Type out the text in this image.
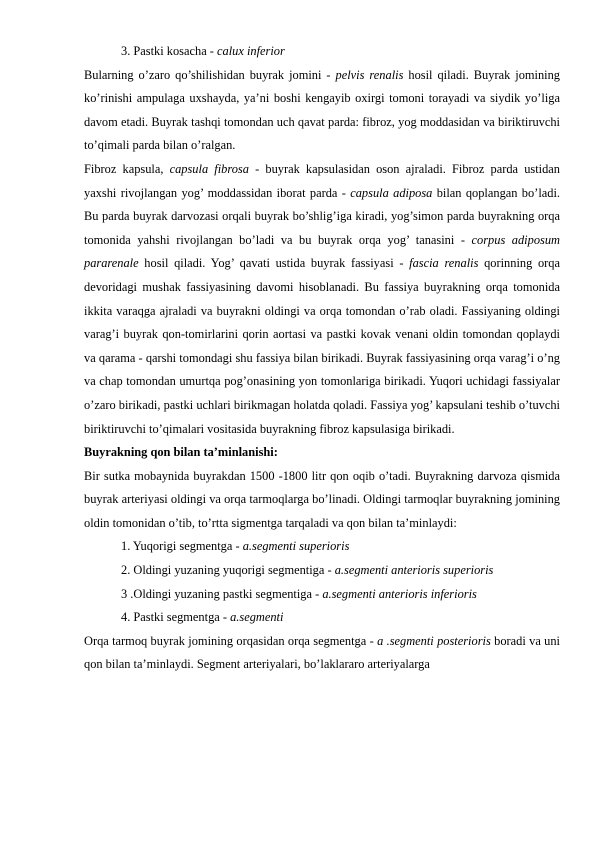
3. Pastki kosacha - calux inferior

Bularning o’zaro qo’shilishidan buyrak jomini - pelvis renalis hosil qiladi. Buyrak jomining ko’rinishi ampulaga uxshayda, ya’ni boshi kengayib oxirgi tomoni torayadi va siydik yo’liga davom etadi. Buyrak tashqi tomondan uch qavat parda: fibroz, yog moddasidan va biriktiruvchi to’qimali parda bilan o’ralgan.

Fibroz kapsula, capsula fibrosa - buyrak kapsulasidan oson ajraladi. Fibroz parda ustidan yaxshi rivojlangan yog’ moddassidan iborat parda - capsula adiposa bilan qoplangan bo’ladi. Bu parda buyrak darvozasi orqali buyrak bo’shlig’iga kiradi, yog’simon parda buyrakning orqa tomonida yahshi rivojlangan bo’ladi va bu buyrak orqa yog’ tanasini - corpus adiposum pararenale hosil qiladi. Yog’ qavati ustida buyrak fassiyasi - fascia renalis qorinning orqa devoridagi mushak fassiyasining davomi hisoblanadi. Bu fassiya buyrakning orqa tomonida ikkita varaqga ajraladi va buyrakni oldingi va orqa tomondan o’rab oladi. Fassiyaning oldingi varag’i buyrak qon-tomirlarini qorin aortasi va pastki kovak venani oldin tomondan qoplaydi va qarama - qarshi tomondagi shu fassiya bilan birikadi. Buyrak fassiyasining orqa varag’i o’ng va chap tomondan umurtqa pog’onasining yon tomonlariga birikadi. Yuqori uchidagi fassiyalar o’zaro birikadi, pastki uchlari birikmagan holatda qoladi. Fassiya yog’ kapsulani teshib o’tuvchi biriktiruvchi to’qimalari vositasida buyrakning fibroz kapsulasiga birikadi.

Buyrakning qon bilan ta’minlanishi:

Bir sutka mobaynida buyrakdan 1500 -1800 litr qon oqib o’tadi. Buyrakning darvoza qismida buyrak arteriyasi oldingi va orqa tarmoqlarga bo’linadi. Oldingi tarmoqlar buyrakning jomining oldin tomonidan o’tib, to’rtta sigmentga tarqaladi va qon bilan ta’minlaydi:

1. Yuqorigi segmentga - a.segmenti superioris

2. Oldingi yuzaning yuqorigi segmentiga - a.segmenti anterioris superioris

3 .Oldingi yuzaning pastki segmentiga - a.segmenti anterioris inferioris

4. Pastki segmentga - a.segmenti

Orqa tarmoq buyrak jomining orqasidan orqa segmentga - a .segmenti posterioris boradi va uni qon bilan ta’minlaydi. Segment arteriyalari, bo’laklararo arteriyalarga
